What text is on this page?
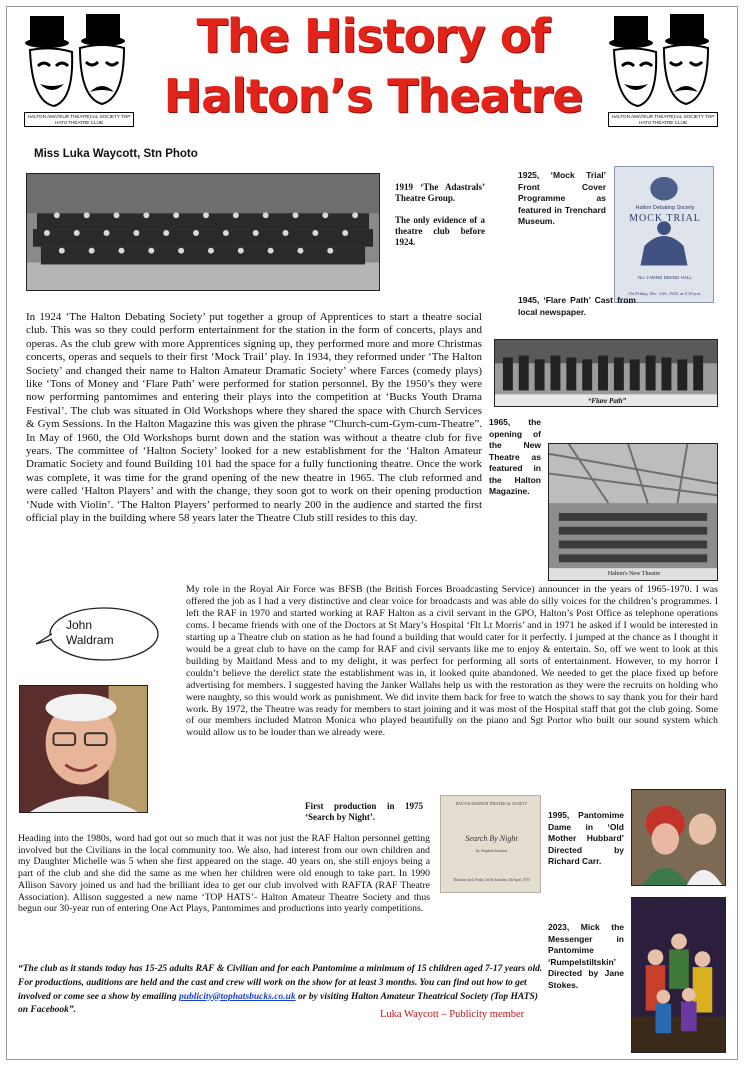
HALTON AMATEUR THEATRICAL SOCIETY TOP HATS THEATRE CLUB
HALTON AMATEUR THEATRICAL SOCIETY TOP HATS THEATRE CLUB
The History of
Halton’s Theatre
Miss Luka Waycott, Stn Photo
1919 ‘The Adastrals’ Theatre Group.

The only evidence of a theatre club before 1924.
1925, ‘Mock Trial’ Front Cover Programme as featured in Trenchard Museum.
Halton Debating Society
MOCK TRIAL
No. 2 WING DINING HALL
On Friday, Dec. 11th, 1925, at 5.30 p.m.
1945, ‘Flare Path’ Cast from local newspaper.
“Flare Path”
In 1924 ‘The Halton Debating Society’ put together a group of Apprentices to start a theatre social club. This was so they could perform entertainment for the station in the form of concerts, plays and operas. As the club grew with more Apprentices signing up, they performed more and more Christmas concerts, operas and sequels to their first ‘Mock Trail’ play. In 1934, they reformed under ‘The Halton Society’ and changed their name to Halton Amateur Dramatic Society’ where Farces (comedy plays) like ‘Tons of Money and ‘Flare Path’ were performed for station personnel. By the 1950’s they were now performing pantomimes and entering their plays into the competition at ‘Bucks Youth Drama Festival’. The club was situated in Old Workshops where they shared the space with Church Services & Gym Sessions. In the Halton Magazine this was given the phrase “Church-cum-Gym-cum-Theatre”. In May of 1960, the Old Workshops burnt down and the station was without a theatre club for five years. The committee of ‘Halton Society’ looked for a new establishment for the ‘Halton Amateur Dramatic Society and found Building 101 had the space for a fully functioning theatre. Once the work was complete, it was time for the grand opening of the new theatre in 1965. The club reformed and were called ‘Halton Players’ and with the change, they soon got to work on their opening production ‘Nude with Violin’. ‘The Halton Players’ performed to nearly 200 in the audience and started the first official play in the building where 58 years later the Theatre Club still resides to this day.
1965, the opening of the New Theatre as featured in the Halton Magazine.
Halton's New Theatre
John
Waldram
My role in the Royal Air Force was BFSB (the British Forces Broadcasting Service) announcer in the years of 1965-1970. I was offered the job as I had a very distinctive and clear voice for broadcasts and was able do silly voices for the children’s programmes. I left the RAF in 1970 and started working at RAF Halton as a civil servant in the GPO, Halton’s Post Office as telephone operations coms. I became friends with one of the Doctors at St Mary’s Hospital ‘Flt Lt Morris’ and in 1971 he asked if I would be interested in starting up a Theatre club on station as he had found a building that would cater for it perfectly. I jumped at the chance as I thought it would be a great club to have on the camp for RAF and civil servants like me to enjoy & entertain. So, off we went to look at this building by Maitland Mess and to my delight, it was perfect for performing all sorts of entertainment. However, to my horror I couldn’t believe the derelict state the establishment was in, it looked quite abandoned. We needed to get the place fixed up before advertising for members. I suggested having the Janker Wallahs help us with the restoration as they were the recruits on holding who were naughty, so this would work as punishment. We did invite them back for free to watch the shows to say thank you for their hard work. By 1972, the Theatre was ready for members to start joining and it was most of the Hospital staff that got the club going. Some of our members included Matron Monica who played beautifully on the piano and Sgt Portor who built our sound system which would allow us to be louder than we already were.
First production in 1975 ‘Search by Night’.
HALTON AMATEUR THEATRICAL SOCIETY
Search By Night
by Stephen Jackson
Thursday 2nd, Friday 3rd & Saturday 4th April, 1975
1995, Pantomime Dame in ‘Old Mother Hubbard’ Directed by Richard Carr.
Heading into the 1980s, word had got out so much that it was not just the RAF Halton personnel getting involved but the Civilians in the local community too. We also, had interest from our own children and my Daughter Michelle was 5 when she first appeared on the stage. 40 years on, she still enjoys being a part of the club and she did the same as me when her children were old enough to take part. In 1990 Allison Savory joined us and had the brilliant idea to get our club involved with RAFTA (RAF Theatre Association). Allison suggested a new name ‘TOP HATS’- Halton Amateur Theatre Society and thus begun our 30-year run of entering One Act Plays, Pantomimes and productions into yearly competitions.
2023, Mick the Messenger in Pantomime ‘Rumpelstiltskin’ Directed by Jane Stokes.
“The club as it stands today has 15-25 adults RAF & Civilian and for each Pantomime a minimum of 15 children aged 7-17 years old. For productions, auditions are held and the cast and crew will work on the show for at least 3 months. You can find out how to get involved or come see a show by emailing publicity@tophatsbucks.co.uk or by visiting Halton Amateur Theatrical Society (Top HATS) on Facebook”.	Luka Waycott – Publicity member
